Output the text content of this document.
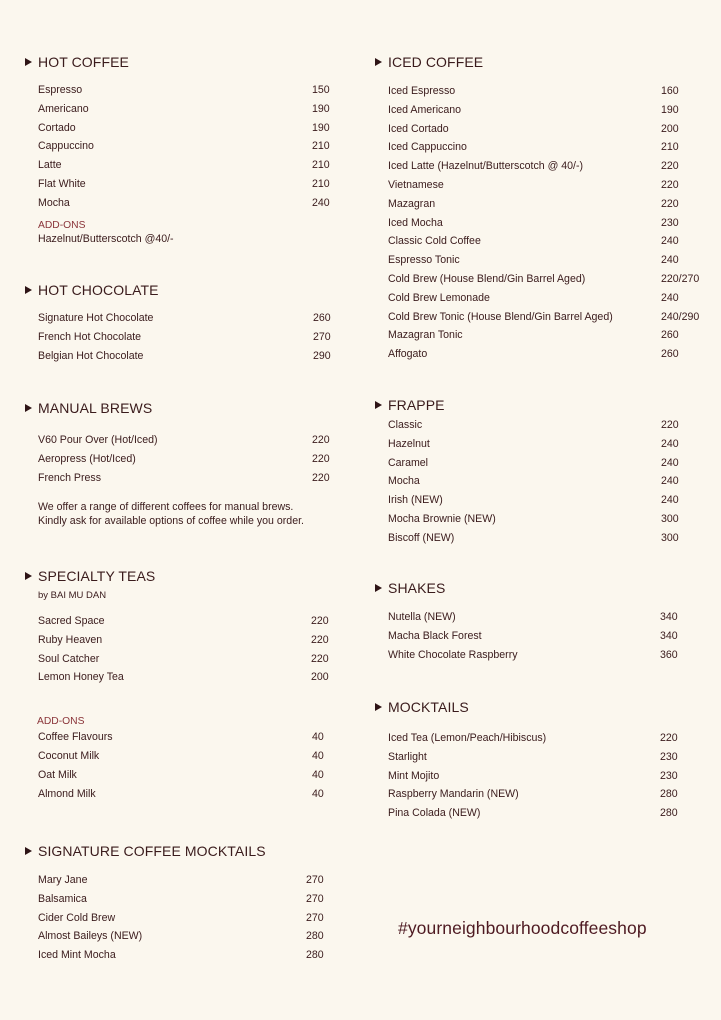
HOT COFFEE
Espresso	150
Americano	190
Cortado	190
Cappuccino	210
Latte	210
Flat White	210
Mocha	240
ADD-ONS
Hazelnut/Butterscotch @40/-
HOT CHOCOLATE
Signature Hot Chocolate	260
French Hot Chocolate	270
Belgian Hot Chocolate	290
MANUAL BREWS
V60 Pour Over (Hot/Iced)	220
Aeropress (Hot/Iced)	220
French Press	220
We offer a range of different coffees for manual brews.
Kindly ask for available options of coffee while you order.
SPECIALTY TEAS
by BAI MU DAN
Sacred Space	220
Ruby Heaven	220
Soul Catcher	220
Lemon Honey Tea	200
ADD-ONS
Coffee Flavours	40
Coconut Milk	40
Oat Milk	40
Almond Milk	40
SIGNATURE COFFEE MOCKTAILS
Mary Jane	270
Balsamica	270
Cider Cold Brew	270
Almost Baileys (NEW)	280
Iced Mint Mocha	280
ICED COFFEE
Iced Espresso	160
Iced Americano	190
Iced Cortado	200
Iced Cappuccino	210
Iced Latte (Hazelnut/Butterscotch @ 40/-)	220
Vietnamese	220
Mazagran	220
Iced Mocha	230
Classic Cold Coffee	240
Espresso Tonic	240
Cold Brew (House Blend/Gin Barrel Aged)	220/270
Cold Brew Lemonade	240
Cold Brew Tonic (House Blend/Gin Barrel Aged)	240/290
Mazagran Tonic	260
Affogato	260
FRAPPE
Classic	220
Hazelnut	240
Caramel	240
Mocha	240
Irish (NEW)	240
Mocha Brownie (NEW)	300
Biscoff (NEW)	300
SHAKES
Nutella (NEW)	340
Macha Black Forest	340
White Chocolate Raspberry	360
MOCKTAILS
Iced Tea (Lemon/Peach/Hibiscus)	220
Starlight	230
Mint Mojito	230
Raspberry Mandarin (NEW)	280
Pina Colada (NEW)	280
#yourneighbourhoodcoffeeshop
